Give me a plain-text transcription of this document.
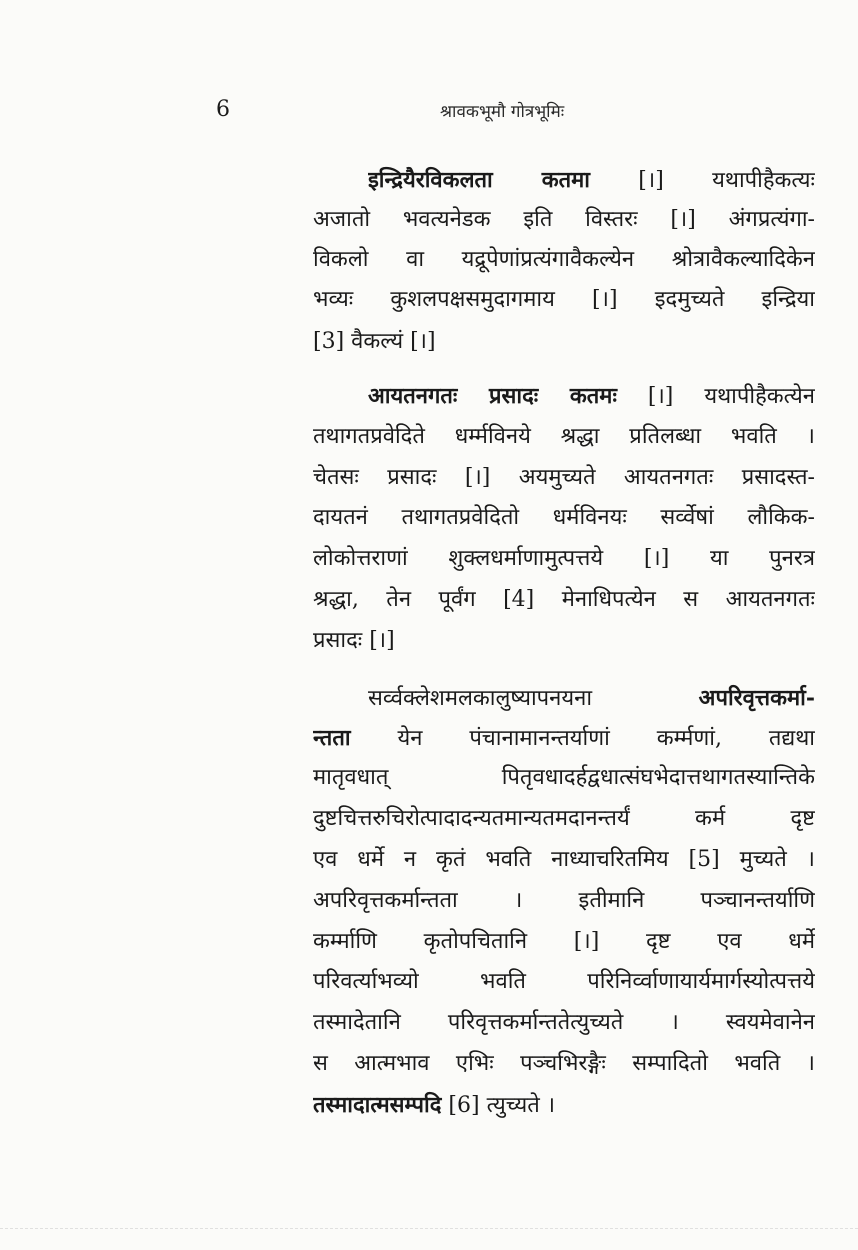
6	श्रावकभूमौ गोत्रभूमिः
इन्द्रियैरविकलता कतमा [।] यथापीहैकत्यः
अजातो भवत्यनेडक इति विस्तरः [।] अंगप्रत्यंगा-
विकलो वा यद्रूपेणांप्रत्यंगावैकल्येन श्रोत्रावैकल्यादिकेन
भव्यः कुशलपक्षसमुदागमाय [।] इदमुच्यते इन्द्रिया
[3] वैकल्यं [।]
आयतनगतः प्रसादः कतमः [।] यथापीहैकत्येन
तथागतप्रवेदिते धर्म्मविनये श्रद्धा प्रतिलब्धा भवति ।
चेतसः प्रसादः [।] अयमुच्यते आयतनगतः प्रसादस्त-
दायतनं तथागतप्रवेदितो धर्मविनयः सर्व्वेषां लौकिक-
लोकोत्तराणां शुक्लधर्माणामुत्पत्तये [।] या पुनरत्र
श्रद्धा, तेन पूर्वंग [4] मेनाधिपत्येन स आयतनगतः
प्रसादः [।]
सर्व्वक्लेशमलकालुष्यापनयना अपरिवृत्तकर्मा-
न्तता येन पंचानामानन्तर्याणां कर्म्मणां, तद्यथा
मातृवधात् पितृवधादर्हद्वधात्संघभेदात्तथागतस्यान्तिके
दुष्टचित्तरुचिरोत्पादादन्यतमान्यतमदानन्तर्यं कर्म दृष्ट
एव धर्मे न कृतं भवति नाध्याचरितमिय [5] मुच्यते ।
अपरिवृत्तकर्मान्तता । इतीमानि पञ्चानन्तर्याणि
कर्म्माणि कृतोपचितानि [।] दृष्ट एव धर्मे
परिवर्त्याभव्यो भवति परिनिर्व्वाणायार्यमार्गस्योत्पत्तये
तस्मादेतानि परिवृत्तकर्मान्ततेत्युच्यते । स्वयमेवानेन
स आत्मभाव एभिः पञ्चभिरङ्गैः सम्पादितो भवति ।
तस्मादात्मसम्पदि [6] त्युच्यते ।
